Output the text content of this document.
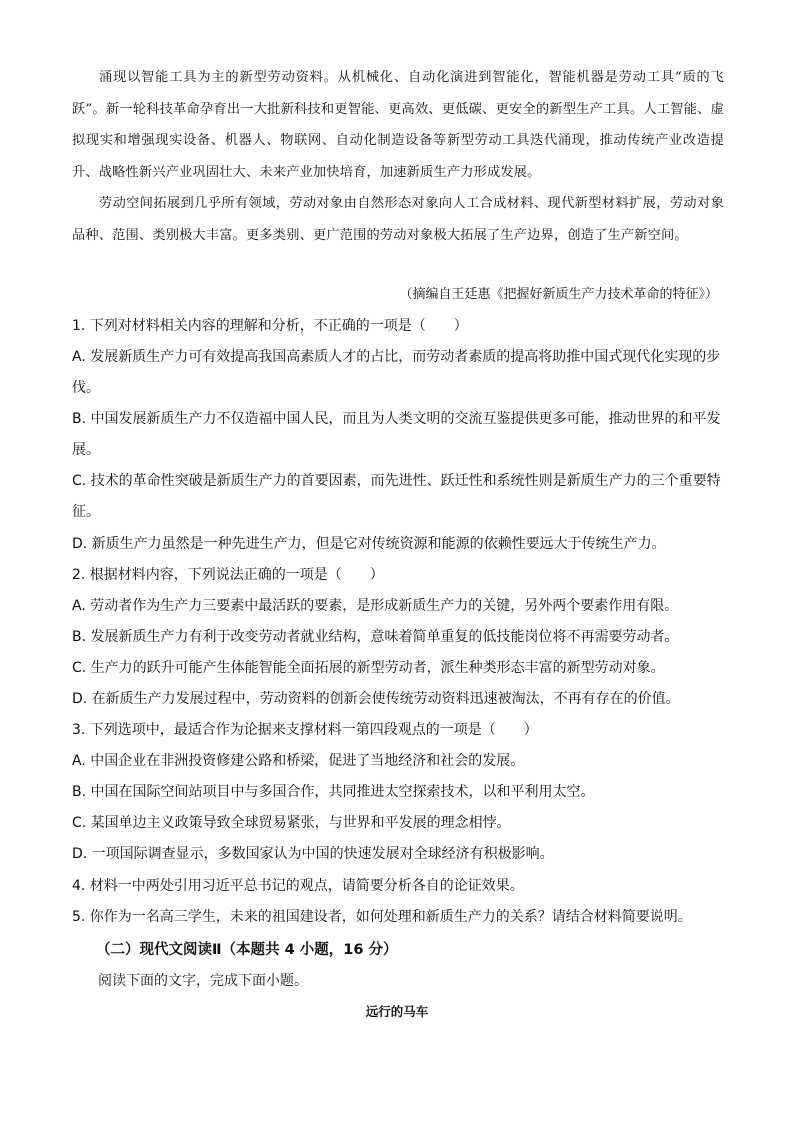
涌现以智能工具为主的新型劳动资料。从机械化、自动化演进到智能化，智能机器是劳动工具“质的飞跃”。新一轮科技革命孕育出一大批新科技和更智能、更高效、更低碳、更安全的新型生产工具。人工智能、虚拟现实和增强现实设备、机器人、物联网、自动化制造设备等新型劳动工具迭代涌现，推动传统产业改造提升、战略性新兴产业巩固壮大、未来产业加快培育，加速新质生产力形成发展。

劳动空间拓展到几乎所有领域，劳动对象由自然形态对象向人工合成材料、现代新型材料扩展，劳动对象品种、范围、类别极大丰富。更多类别、更广范围的劳动对象极大拓展了生产边界，创造了生产新空间。

（摘编自王廷惠《把握好新质生产力技术革命的特征》）

1. 下列对材料相关内容的理解和分析，不正确的一项是（　　）

A. 发展新质生产力可有效提高我国高素质人才的占比，而劳动者素质的提高将助推中国式现代化实现的步伐。

B. 中国发展新质生产力不仅造福中国人民，而且为人类文明的交流互鉴提供更多可能，推动世界的和平发展。

C. 技术的革命性突破是新质生产力的首要因素，而先进性、跃迁性和系统性则是新质生产力的三个重要特征。

D. 新质生产力虽然是一种先进生产力，但是它对传统资源和能源的依赖性要远大于传统生产力。

2. 根据材料内容，下列说法正确的一项是（　　）

A. 劳动者作为生产力三要素中最活跃的要素，是形成新质生产力的关键，另外两个要素作用有限。

B. 发展新质生产力有利于改变劳动者就业结构，意味着简单重复的低技能岗位将不再需要劳动者。

C. 生产力的跃升可能产生体能智能全面拓展的新型劳动者，派生种类形态丰富的新型劳动对象。

D. 在新质生产力发展过程中，劳动资料的创新会使传统劳动资料迅速被淘汰，不再有存在的价值。

3. 下列选项中，最适合作为论据来支撑材料一第四段观点的一项是（　　）

A. 中国企业在非洲投资修建公路和桥梁，促进了当地经济和社会的发展。

B. 中国在国际空间站项目中与多国合作，共同推进太空探索技术，以和平利用太空。

C. 某国单边主义政策导致全球贸易紧张，与世界和平发展的理念相悖。

D. 一项国际调查显示，多数国家认为中国的快速发展对全球经济有积极影响。

4. 材料一中两处引用习近平总书记的观点，请简要分析各自的论证效果。

5. 你作为一名高三学生，未来的祖国建设者，如何处理和新质生产力的关系？请结合材料简要说明。

（二）现代文阅读Ⅱ（本题共 4 小题，16 分）

阅读下面的文字，完成下面小题。

远行的马车
